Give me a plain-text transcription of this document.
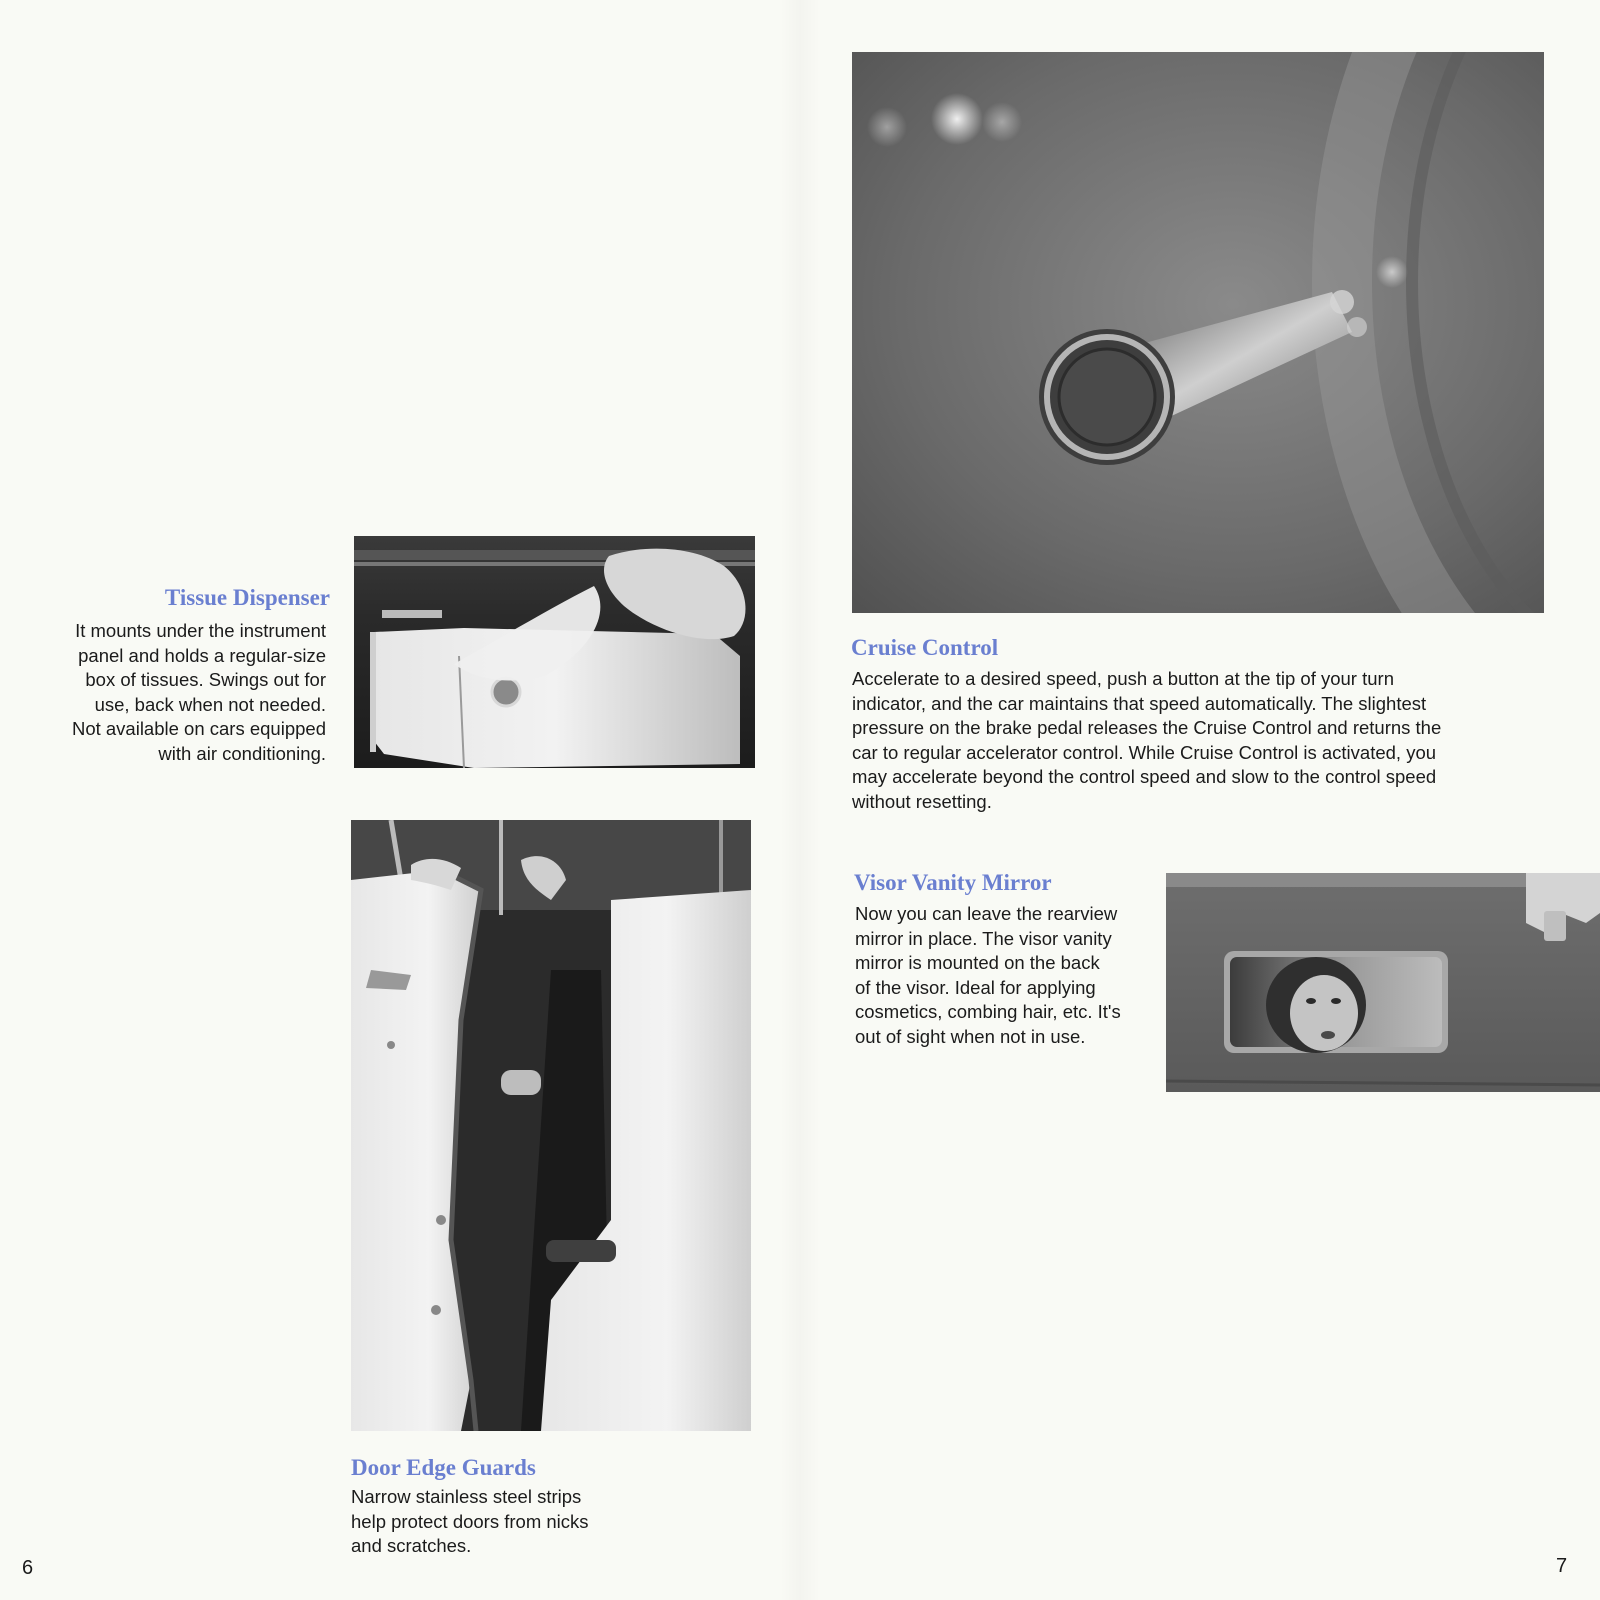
Tissue Dispenser
It mounts under the instrument
panel and holds a regular-size
box of tissues. Swings out for
use, back when not needed.
Not available on cars equipped
with air conditioning.
Door Edge Guards
Narrow stainless steel strips
help protect doors from nicks
and scratches.
Cruise Control
Accelerate to a desired speed, push a button at the tip of your turn
indicator, and the car maintains that speed automatically. The slightest
pressure on the brake pedal releases the Cruise Control and returns the
car to regular accelerator control. While Cruise Control is activated, you
may accelerate beyond the control speed and slow to the control speed
without resetting.
Visor Vanity Mirror
Now you can leave the rearview
mirror in place. The visor vanity
mirror is mounted on the back
of the visor. Ideal for applying
cosmetics, combing hair, etc. It's
out of sight when not in use.
6	7
